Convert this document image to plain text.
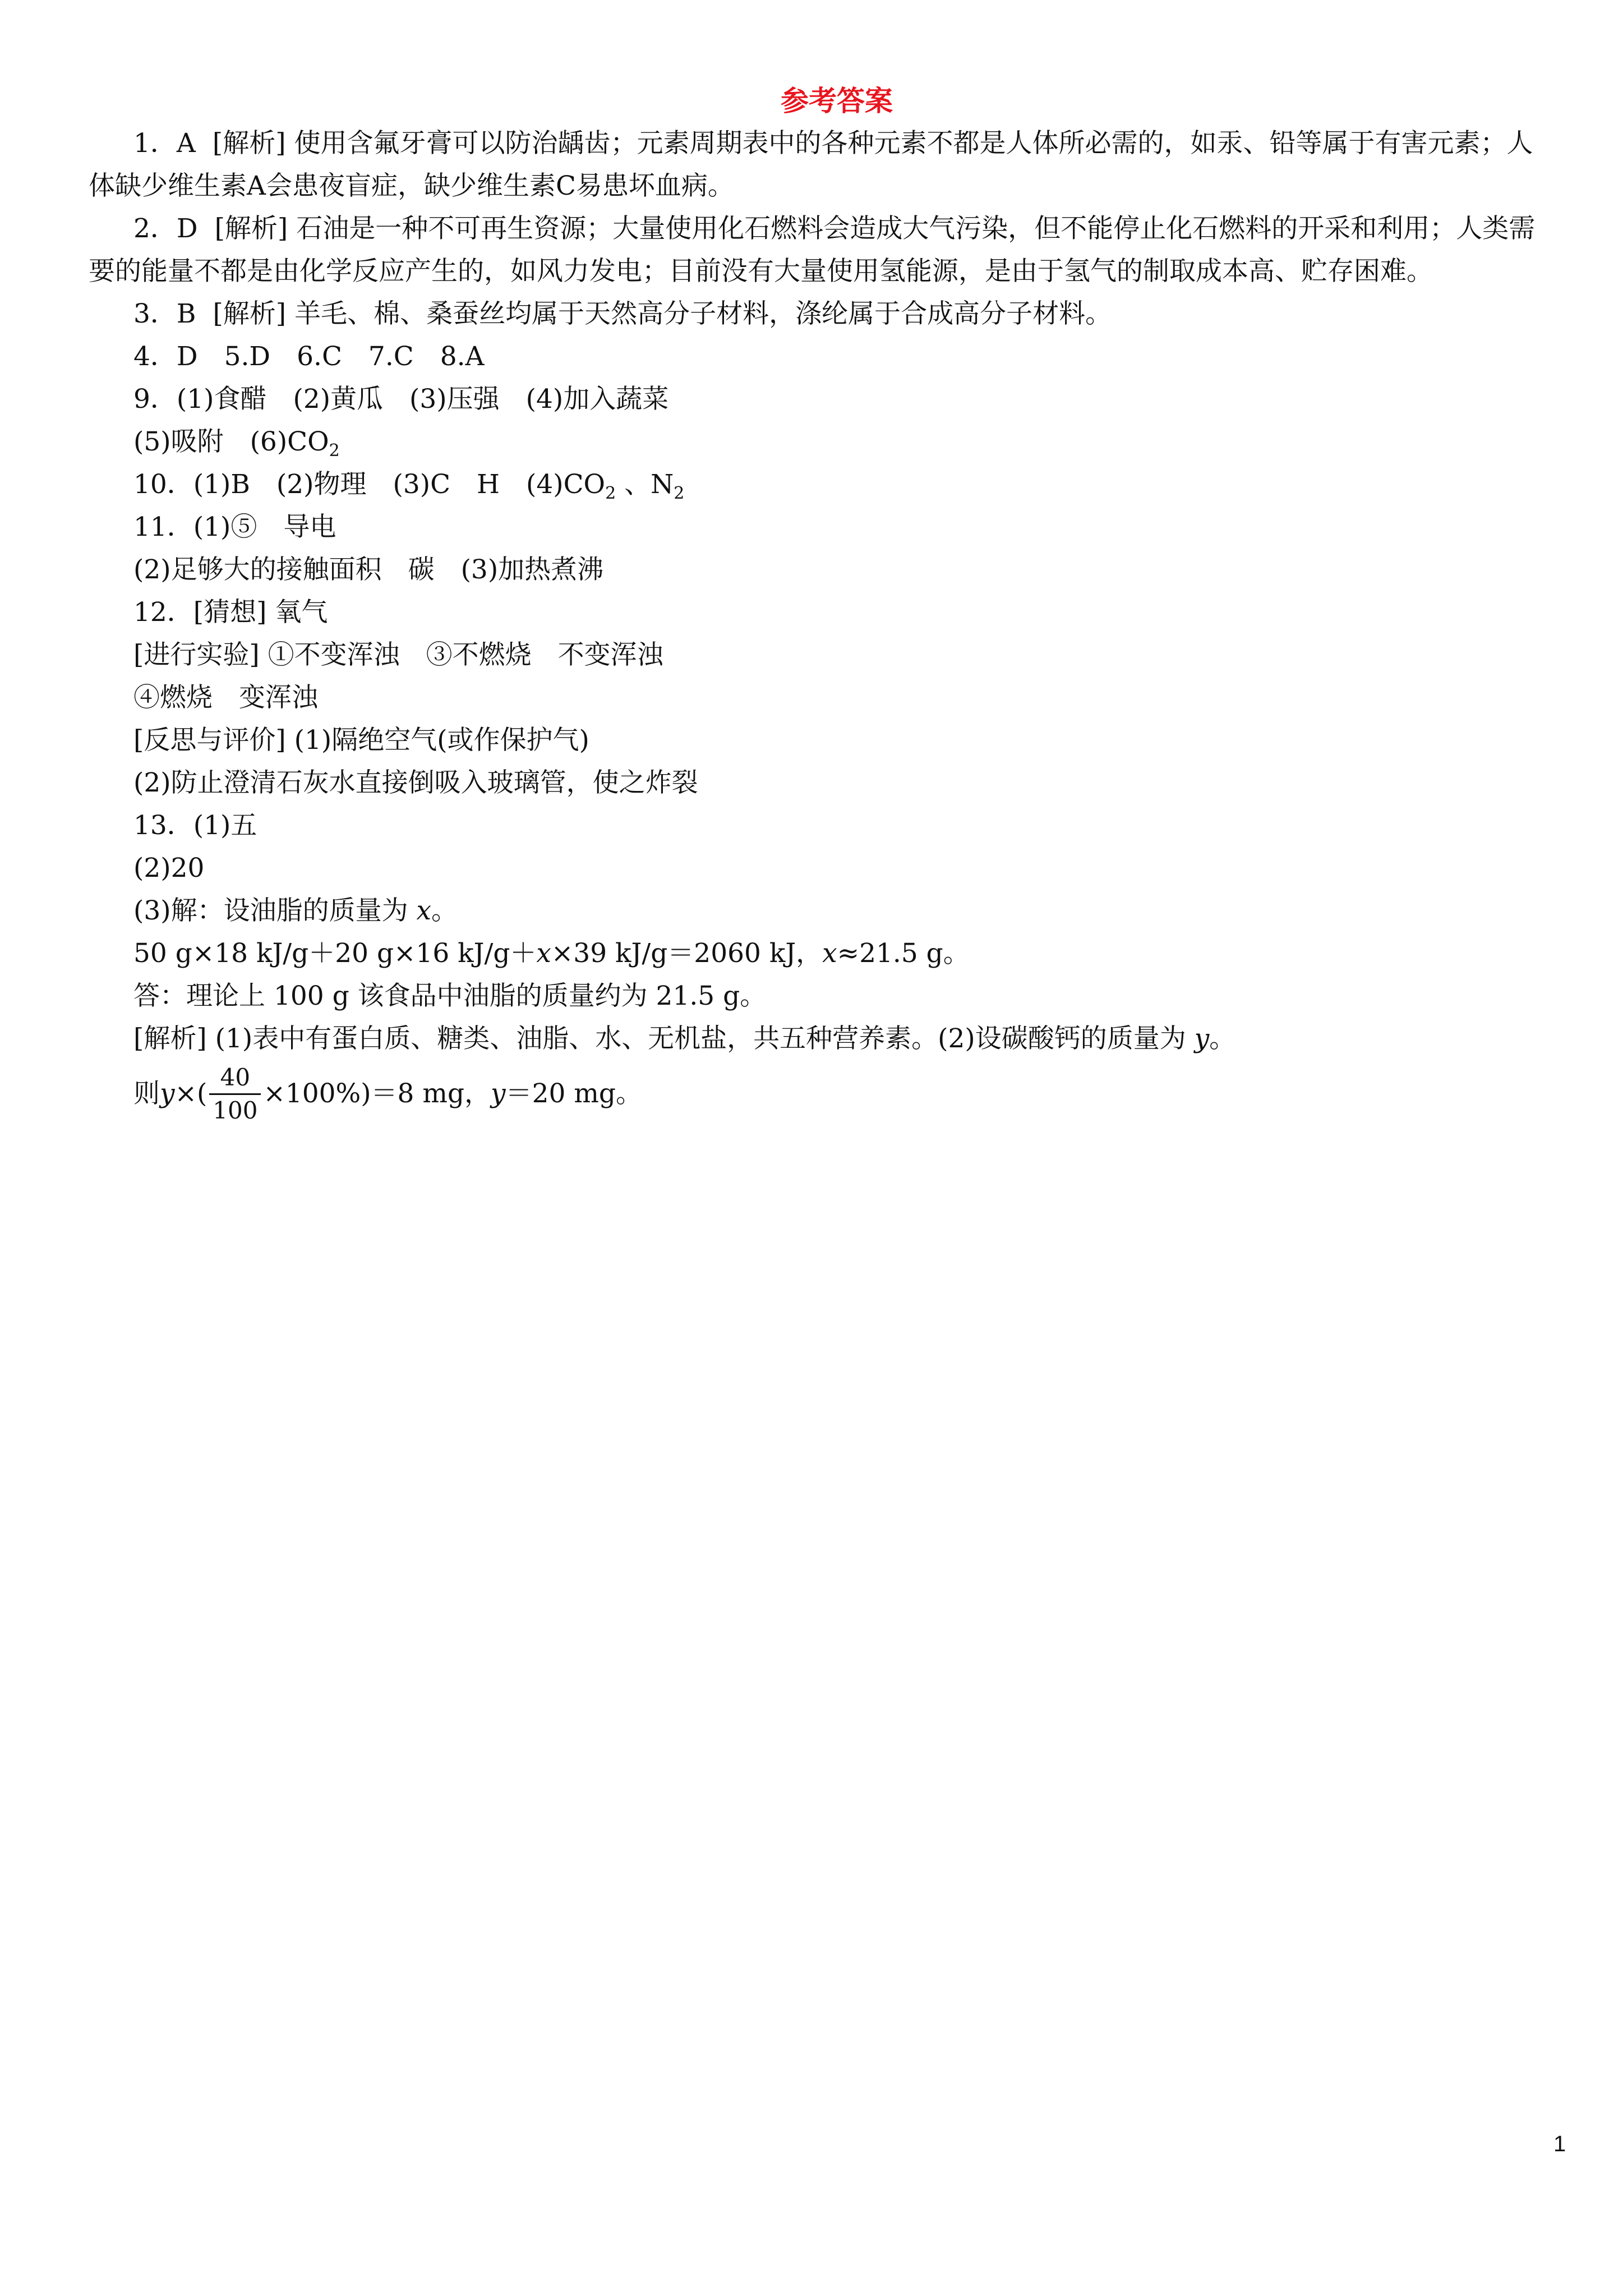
参考答案

1．A [解析] 使用含氟牙膏可以防治龋齿；元素周期表中的各种元素不都是人体所必需的，如汞、铅等属于有害元素；人体缺少维生素A会患夜盲症，缺少维生素C易患坏血病。

2．D [解析] 石油是一种不可再生资源；大量使用化石燃料会造成大气污染，但不能停止化石燃料的开采和利用；人类需要的能量不都是由化学反应产生的，如风力发电；目前没有大量使用氢能源，是由于氢气的制取成本高、贮存困难。

3．B [解析] 羊毛、棉、桑蚕丝均属于天然高分子材料，涤纶属于合成高分子材料。

4．D　5.D　6.C　7.C　8.A

9．(1)食醋　(2)黄瓜　(3)压强　(4)加入蔬菜

(5)吸附　$(6)CO_2$

10．(1)B　(2)物理　(3)C　H　$(4)CO_2$ 、$N_2$

11．(1)⑤　导电

(2)足够大的接触面积　碳　(3)加热煮沸

12．[猜想] 氧气

[进行实验] ①不变浑浊　③不燃烧　不变浑浊

④燃烧　变浑浊

[反思与评价] (1)隔绝空气(或作保护气)

(2)防止澄清石灰水直接倒吸入玻璃管，使之炸裂

13．(1)五

(2)20

(3)解：设油脂的质量为 x。

50 g×18 kJ/g＋20 g×16 kJ/g＋x×39 kJ/g＝2060 kJ，x≈21.5 g。

答：理论上 100 g 该食品中油脂的质量约为 21.5 g。

[解析] (1)表中有蛋白质、糖类、油脂、水、无机盐，共五种营养素。(2)设碳酸钙的质量为 y。

则 y ×( $\frac{40}{100} \times 100\%)=8$ mg， y ＝20 mg。

1
